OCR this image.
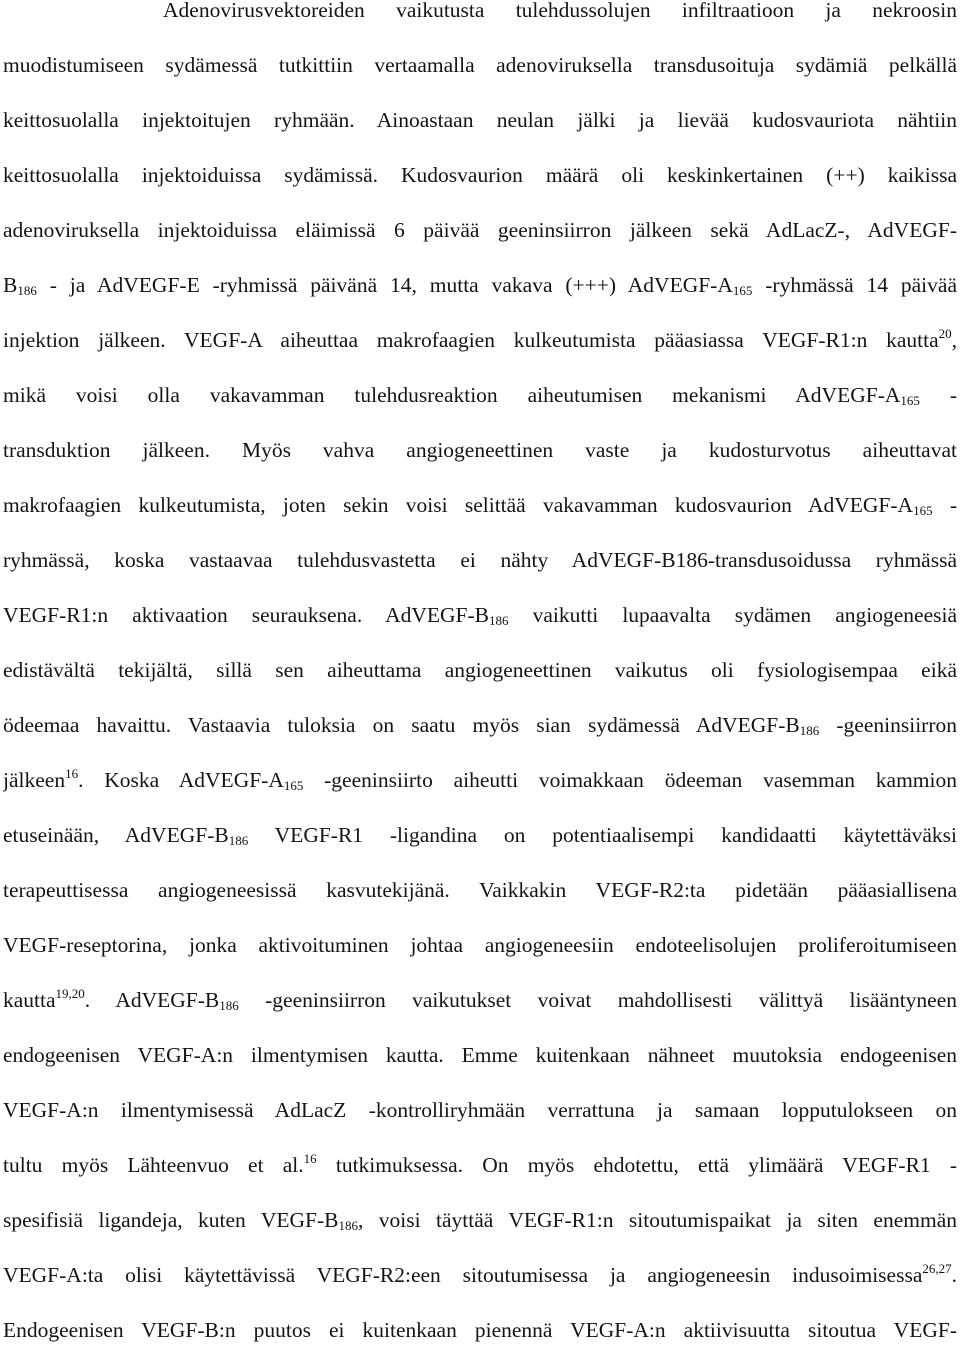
Adenovirusvektoreiden vaikutusta tulehdussolujen infiltraatioon ja nekroosin
muodistumiseen sydämessä tutkittiin vertaamalla adenoviruksella transdusoituja sydämiä pelkällä
keittosuolalla injektoitujen ryhmään. Ainoastaan neulan jälki ja lievää kudosvauriota nähtiin
keittosuolalla injektoiduissa sydämissä. Kudosvaurion määrä oli keskinkertainen (++) kaikissa
adenoviruksella injektoiduissa eläimissä 6 päivää geeninsiirron jälkeen sekä AdLacZ-, AdVEGF-
$B_{186}$ - ja AdVEGF-E -ryhmissä päivänä 14, mutta vakava (+++) AdVEGF-$A_{165}$ -ryhmässä 14 päivää
injektion jälkeen. VEGF-A aiheuttaa makrofaagien kulkeutumista pääasiassa VEGF-R1:n kautta$^{20}$,
mikä voisi olla vakavamman tulehdusreaktion aiheutumisen mekanismi AdVEGF-$A_{165}$ -
transduktion jälkeen. Myös vahva angiogeneettinen vaste ja kudosturvotus aiheuttavat
makrofaagien kulkeutumista, joten sekin voisi selittää vakavamman kudosvaurion AdVEGF-$A_{165}$ -
ryhmässä, koska vastaavaa tulehdusvastetta ei nähty AdVEGF-B186-transdusoidussa ryhmässä
VEGF-R1:n aktivaation seurauksena. AdVEGF-$B_{186}$ vaikutti lupaavalta sydämen angiogeneesiä
edistävältä tekijältä, sillä sen aiheuttama angiogeneettinen vaikutus oli fysiologisempaa eikä
ödeemaa havaittu. Vastaavia tuloksia on saatu myös sian sydämessä AdVEGF-$B_{186}$ -geeninsiirron
jälkeen$^{16}$. Koska AdVEGF-$A_{165}$ -geeninsiirto aiheutti voimakkaan ödeeman vasemman kammion
etuseinään, AdVEGF-$B_{186}$ VEGF-R1 -ligandina on potentiaalisempi kandidaatti käytettäväksi
terapeuttisessa angiogeneesissä kasvutekijänä. Vaikkakin VEGF-R2:ta pidetään pääasiallisena
VEGF-reseptorina, jonka aktivoituminen johtaa angiogeneesiin endoteelisolujen proliferoitumiseen
kautta$^{19,20}$. AdVEGF-$B_{186}$ -geeninsiirron vaikutukset voivat mahdollisesti välittyä lisääntyneen
endogeenisen VEGF-A:n ilmentymisen kautta. Emme kuitenkaan nähneet muutoksia endogeenisen
VEGF-A:n ilmentymisessä AdLacZ -kontrolliryhmään verrattuna ja samaan lopputulokseen on
tultu myös Lähteenvuo et al.$^{16}$ tutkimuksessa. On myös ehdotettu, että ylimäärä VEGF-R1 -
spesifisiä ligandeja, kuten VEGF-$B_{186}$, voisi täyttää VEGF-R1:n sitoutumispaikat ja siten enemmän
VEGF-A:ta olisi käytettävissä VEGF-R2:een sitoutumisessa ja angiogeneesin indusoimisessa$^{26,27}$.
Endogeenisen VEGF-B:n puutos ei kuitenkaan pienennä VEGF-A:n aktiivisuutta sitoutua VEGF-
